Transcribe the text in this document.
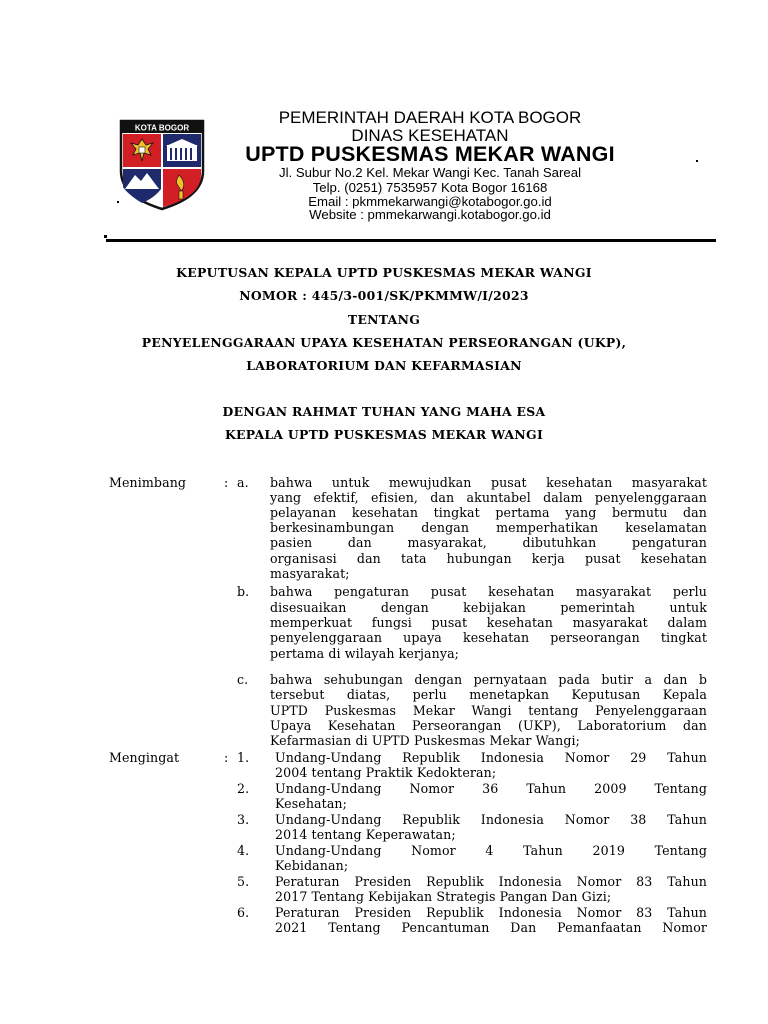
KOTA BOGOR
PEMERINTAH DAERAH KOTA BOGOR
DINAS KESEHATAN
UPTD PUSKESMAS MEKAR WANGI
Jl. Subur No.2 Kel. Mekar Wangi Kec. Tanah Sareal
Telp. (0251) 7535957 Kota Bogor 16168
Email : pkmmekarwangi@kotabogor.go.id
Website : pmmekarwangi.kotabogor.go.id
KEPUTUSAN KEPALA UPTD PUSKESMAS MEKAR WANGI
NOMOR : 445/3-001/SK/PKMMW/I/2023
TENTANG
PENYELENGGARAAN UPAYA KESEHATAN PERSEORANGAN (UKP),
LABORATORIUM DAN KEFARMASIAN
DENGAN RAHMAT TUHAN YANG MAHA ESA
KEPALA UPTD PUSKESMAS MEKAR WANGI
Menimbang	: a. bahwa untuk mewujudkan pusat kesehatan masyarakat
yang efektif, efisien, dan akuntabel dalam penyelenggaraan
pelayanan kesehatan tingkat pertama yang bermutu dan
berkesinambungan dengan memperhatikan keselamatan
pasien dan masyarakat, dibutuhkan pengaturan
organisasi dan tata hubungan kerja pusat kesehatan
masyarakat;
b. bahwa pengaturan pusat kesehatan masyarakat perlu
disesuaikan dengan kebijakan pemerintah untuk
memperkuat fungsi pusat kesehatan masyarakat dalam
penyelenggaraan upaya kesehatan perseorangan tingkat
pertama di wilayah kerjanya;
c. bahwa sehubungan dengan pernyataan pada butir a dan b
tersebut diatas, perlu menetapkan Keputusan Kepala
UPTD Puskesmas Mekar Wangi tentang Penyelenggaraan
Upaya Kesehatan Perseorangan (UKP), Laboratorium dan
Kefarmasian di UPTD Puskesmas Mekar Wangi;
Mengingat	: 1. Undang-Undang Republik Indonesia Nomor 29 Tahun
2004 tentang Praktik Kedokteran;
2. Undang-Undang Nomor 36 Tahun 2009 Tentang
Kesehatan;
3. Undang-Undang Republik Indonesia Nomor 38 Tahun
2014 tentang Keperawatan;
4. Undang-Undang Nomor 4 Tahun 2019 Tentang
Kebidanan;
5. Peraturan Presiden Republik Indonesia Nomor 83 Tahun
2017 Tentang Kebijakan Strategis Pangan Dan Gizi;
6. Peraturan Presiden Republik Indonesia Nomor 83 Tahun
2021 Tentang Pencantuman Dan Pemanfaatan Nomor
